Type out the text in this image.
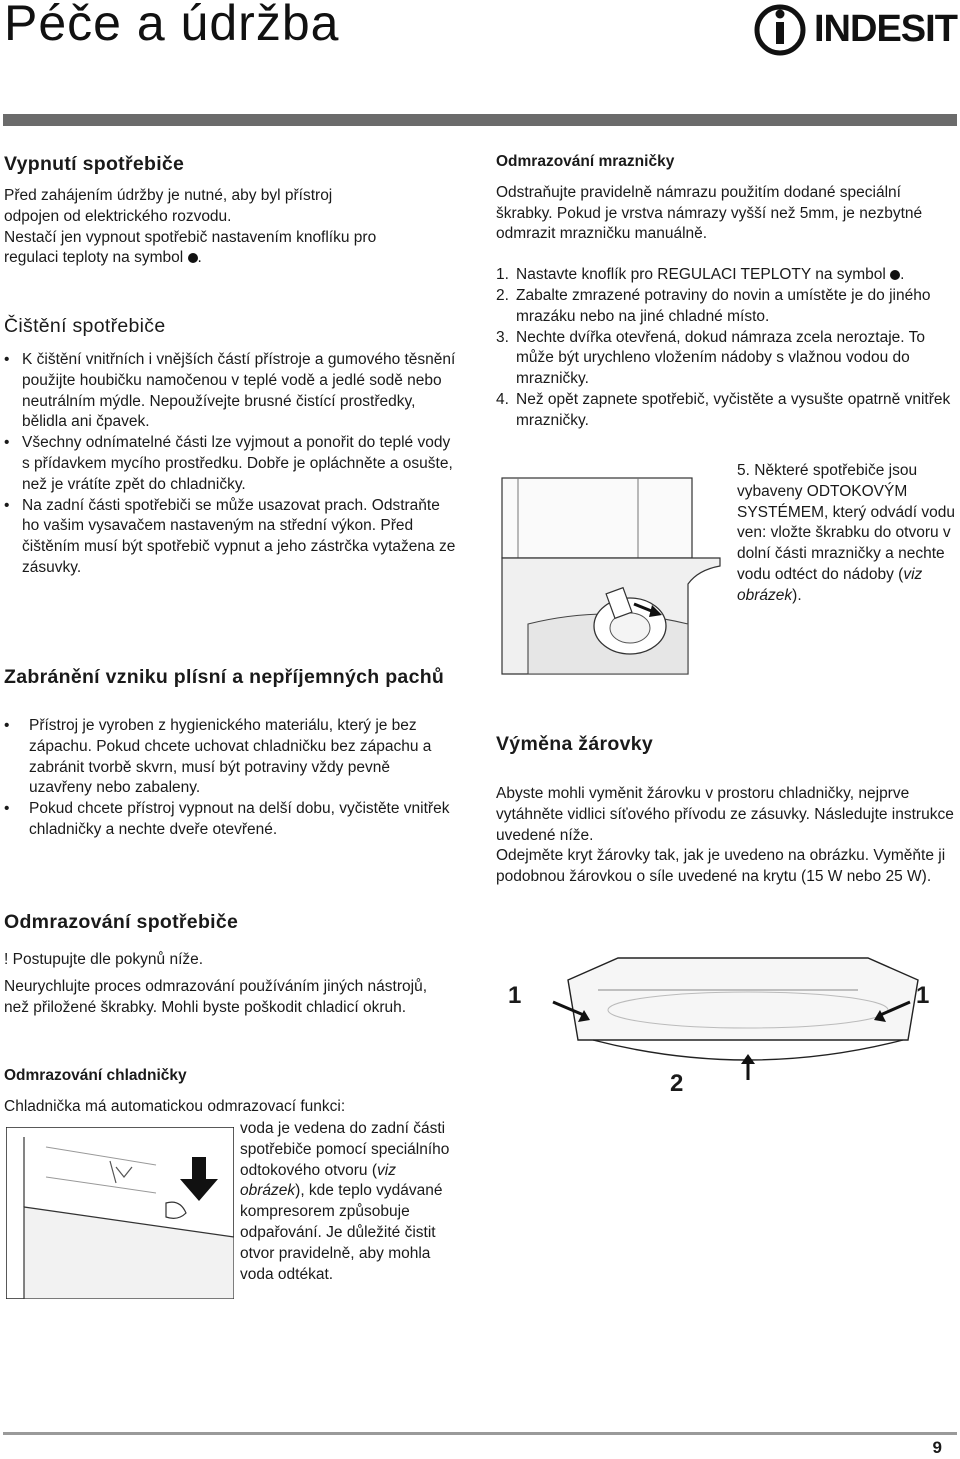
Péče a údržba	INDESIT
Vypnutí spotřebiče

Před zahájením údržby je nutné, aby byl přístroj

odpojen od elektrického rozvodu.

Nestačí jen vypnout spotřebič nastavením knoflíku pro

regulaci teploty na symbol .

Čištění spotřebiče
• K čištění vnitřních i vnějších částí přístroje a gumového těsnění použijte houbičku namočenou v teplé vodě a jedlé sodě nebo neutrálním mýdle. Nepoužívejte brusné čistící prostředky, bělidla ani čpavek.
• Všechny odnímatelné části lze vyjmout a ponořit do teplé vody s přídavkem mycího prostředku. Dobře je opláchněte a osušte, než je vrátíte zpět do chladničky.
• Na zadní části spotřebiči se může usazovat prach. Odstraňte ho vašim vysavačem nastaveným na střední výkon. Před čištěním musí být spotřebič vypnut a jeho zástrčka vytažena ze zásuvky.
Zabránění vzniku plísní a nepříjemných pachů
• Přístroj je vyroben z hygienického materiálu, který je bez zápachu. Pokud chcete uchovat chladničku bez zápachu a zabránit tvorbě skvrn, musí být potraviny vždy pevně uzavřeny nebo zabaleny.
• Pokud chcete přístroj vypnout na delší dobu, vyčistěte vnitřek chladničky a nechte dveře otevřené.
Odmrazování spotřebiče

! Postupujte dle pokynů níže.

Neurychlujte proces odmrazování používáním jiných nástrojů, než přiložené škrabky. Mohli byste poškodit chladicí okruh.

Odmrazování chladničky

Chladnička má automatickou odmrazovací funkci:

voda je vedena do zadní části spotřebiče pomocí speciálního odtokového otvoru (viz obrázek), kde teplo vydávané kompresorem způsobuje odpařování. Je důležité čistit otvor pravidelně, aby mohla voda odtékat.

Odmrazování mrazničky

Odstraňujte pravidelně námrazu použitím dodané speciální škrabky. Pokud je vrstva námrazy vyšší než 5mm, je nezbytné odmrazit mrazničku manuálně.

1. Nastavte knoflík pro REGULACI TEPLOTY na symbol .
2. Zabalte zmrazené potraviny do novin a umístěte je do jiného mrazáku nebo na jiné chladné místo.
3. Nechte dvířka otevřená, dokud námraza zcela neroztaje. To může být urychleno vložením nádoby s vlažnou vodou do mrazničky.
4. Než opět zapnete spotřebič, vyčistěte a vysušte opatrně vnitřek mrazničky.

5. Některé spotřebiče jsou vybaveny ODTOKOVÝM SYSTÉMEM, který odvádí vodu ven: vložte škrabku do otvoru v dolní části mrazničky a nechte vodu odtéct do nádoby (viz obrázek).

Výměna žárovky

Abyste mohli vyměnit žárovku v prostoru chladničky, nejprve vytáhněte vidlici síťového přívodu ze zásuvky. Následujte instrukce uvedené níže.

Odejměte kryt žárovky tak, jak je uvedeno na obrázku. Vyměňte ji podobnou žárovkou o síle uvedené na krytu (15 W nebo 25 W).

1	1
2
9
